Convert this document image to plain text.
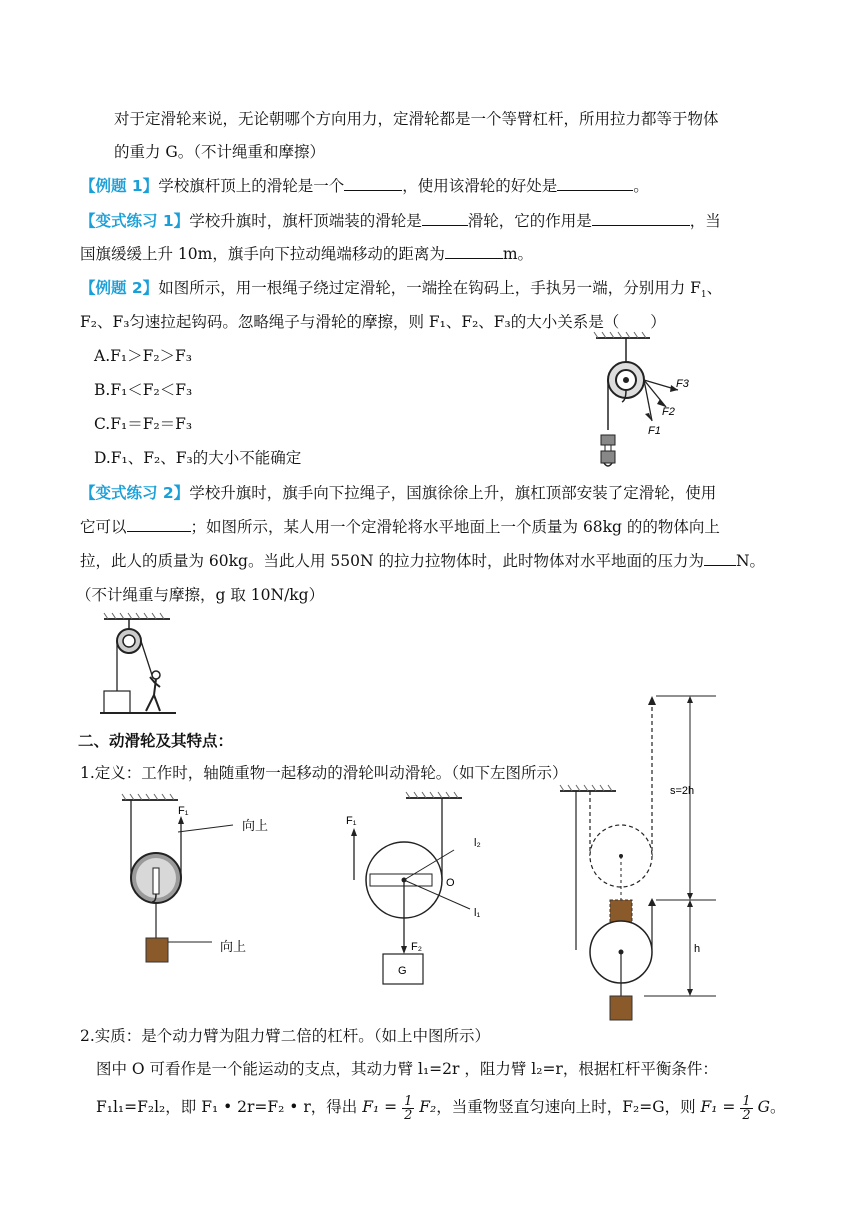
对于定滑轮来说，无论朝哪个方向用力，定滑轮都是一个等臂杠杆，所用拉力都等于物体
的重力 G。（不计绳重和摩擦）
【例题 1】学校旗杆顶上的滑轮是一个	，使用该滑轮的好处是	。
【变式练习 1】学校升旗时，旗杆顶端装的滑轮是	滑轮，它的作用是	，当
国旗缓缓上升 10m，旗手向下拉动绳端移动的距离为	m。
【例题 2】如图所示，用一根绳子绕过定滑轮，一端拴在钩码上，手执另一端，分别用力 $F_1$、
F₂、F₃匀速拉起钩码。忽略绳子与滑轮的摩擦，则 F₁、F₂、F₃的大小关系是（　　）
A.F₁＞F₂＞F₃
B.F₁＜F₂＜F₃
C.F₁＝F₂＝F₃
D.F₁、F₂、F₃的大小不能确定
F3
F2
F1
【变式练习 2】学校升旗时，旗手向下拉绳子，国旗徐徐上升，旗杠顶部安装了定滑轮，使用
它可以	；如图所示，某人用一个定滑轮将水平地面上一个质量为 68kg 的的物体向上
拉，此人的质量为 60kg。当此人用 550N 的拉力拉物体时，此时物体对水平地面的压力为 N。
（不计绳重与摩擦，g 取 10N/kg）
二、动滑轮及其特点：
1.定义：工作时，轴随重物一起移动的滑轮叫动滑轮。（如下左图所示）
F₁
向上
向上
F₁
l₂
O
l₁
F₂
G
s=2h
h
2.实质：是个动力臂为阻力臂二倍的杠杆。（如上中图所示）
图中 O 可看作是一个能运动的支点，其动力臂 l₁=2r ，阻力臂 l₂=r，根据杠杆平衡条件：
F₁l₁=F₂l₂，即 F₁ • 2r=F₂ • r，得出 $F_1 = \frac{1}{2} F_2$，当重物竖直匀速向上时，F₂=G，则 $F_1 = \frac{1}{2}$ G。
